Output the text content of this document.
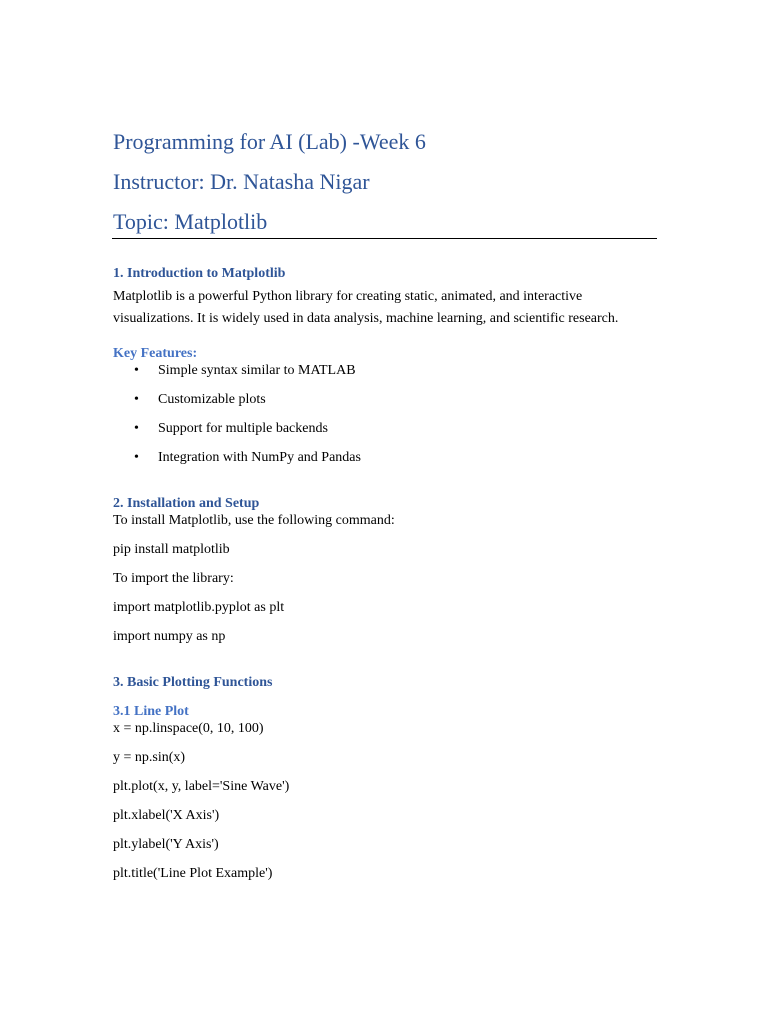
Programming for AI (Lab) -Week 6
Instructor: Dr. Natasha Nigar
Topic: Matplotlib
1. Introduction to Matplotlib
Matplotlib is a powerful Python library for creating static, animated, and interactive visualizations. It is widely used in data analysis, machine learning, and scientific research.
Key Features:
• Simple syntax similar to MATLAB
• Customizable plots
• Support for multiple backends
• Integration with NumPy and Pandas
2. Installation and Setup
To install Matplotlib, use the following command:
pip install matplotlib
To import the library:
import matplotlib.pyplot as plt
import numpy as np
3. Basic Plotting Functions
3.1 Line Plot
x = np.linspace(0, 10, 100)
y = np.sin(x)
plt.plot(x, y, label='Sine Wave')
plt.xlabel('X Axis')
plt.ylabel('Y Axis')
plt.title('Line Plot Example')
